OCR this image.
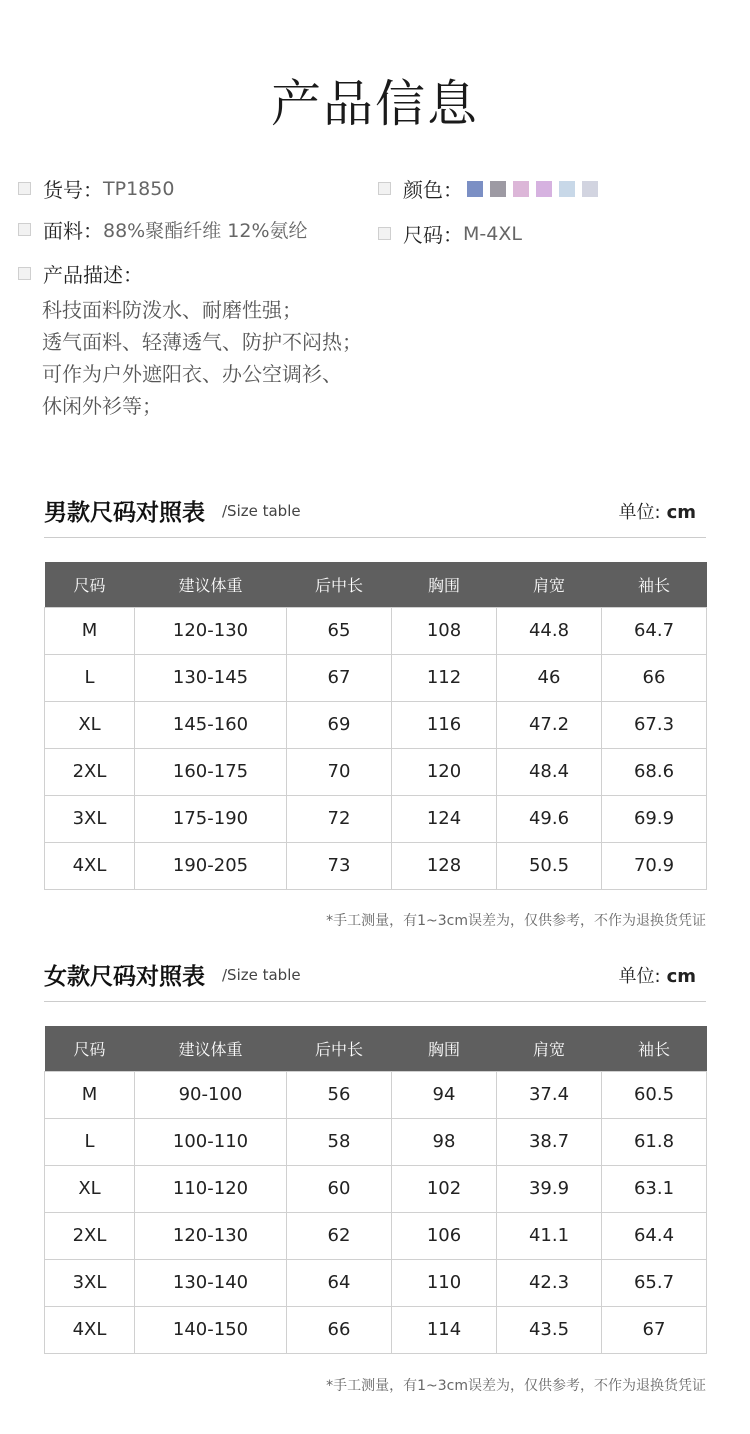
产品信息
货号： TP1850	颜色：
面料： 88%聚酯纤维 12%氨纶	尺码： M-4XL
产品描述：
科技面料防泼水、耐磨性强；
透气面料、轻薄透气、防护不闷热；
可作为户外遮阳衣、办公空调衫、
休闲外衫等；
男款尺码对照表 /Size table	单位: cm
尺码	建议体重	后中长	胸围	肩宽	袖长
M	120-130	65	108	44.8	64.7
L	130-145	67	112	46	66
XL	145-160	69	116	47.2	67.3
2XL	160-175	70	120	48.4	68.6
3XL	175-190	72	124	49.6	69.9
4XL	190-205	73	128	50.5	70.9
*手工测量，有1~3cm误差为，仅供参考，不作为退换货凭证
女款尺码对照表 /Size table	单位: cm
尺码	建议体重	后中长	胸围	肩宽	袖长
M	90-100	56	94	37.4	60.5
L	100-110	58	98	38.7	61.8
XL	110-120	60	102	39.9	63.1
2XL	120-130	62	106	41.1	64.4
3XL	130-140	64	110	42.3	65.7
4XL	140-150	66	114	43.5	67
*手工测量，有1~3cm误差为，仅供参考，不作为退换货凭证
